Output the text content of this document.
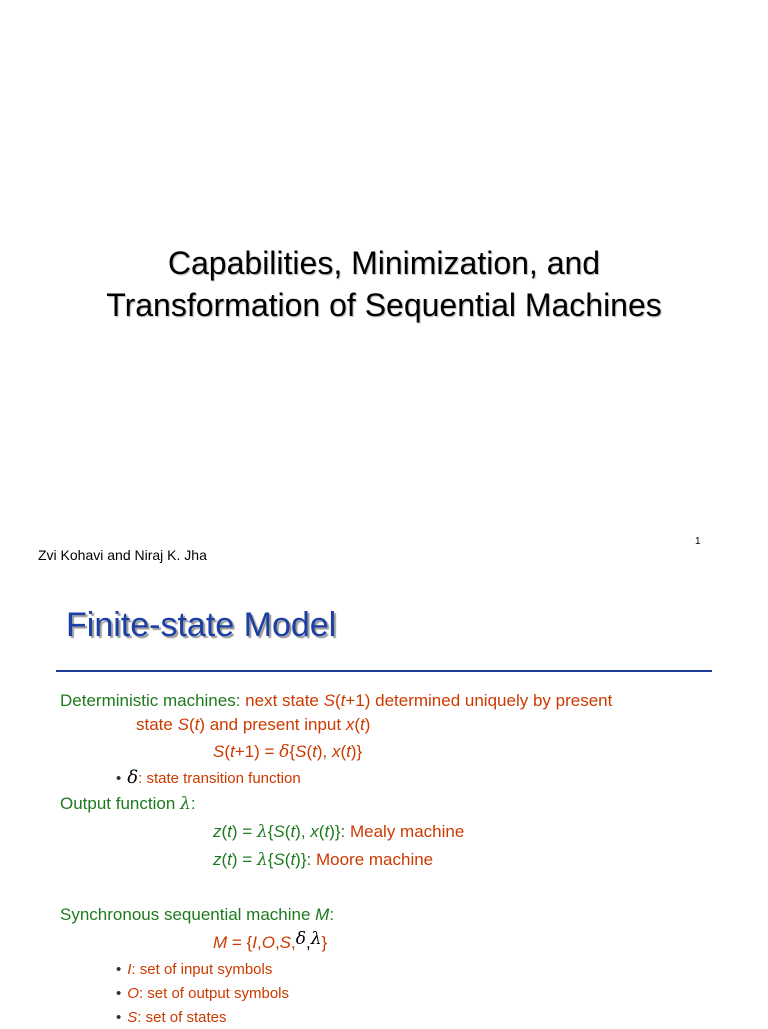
Capabilities, Minimization, and
Transformation of Sequential Machines
Zvi Kohavi and Niraj K. Jha
1
Finite-state Model
Deterministic machines: next state S(t+1) determined uniquely by present
state S(t) and present input x(t)
S(t+1) = δ{S(t), x(t)}
• δ: state transition function
Output function λ:
z(t) = λ{S(t), x(t)}: Mealy machine
z(t) = λ{S(t)}: Moore machine
Synchronous sequential machine M:
M = {I,O,S,δ,λ}
• I: set of input symbols
• O: set of output symbols
• S: set of states
